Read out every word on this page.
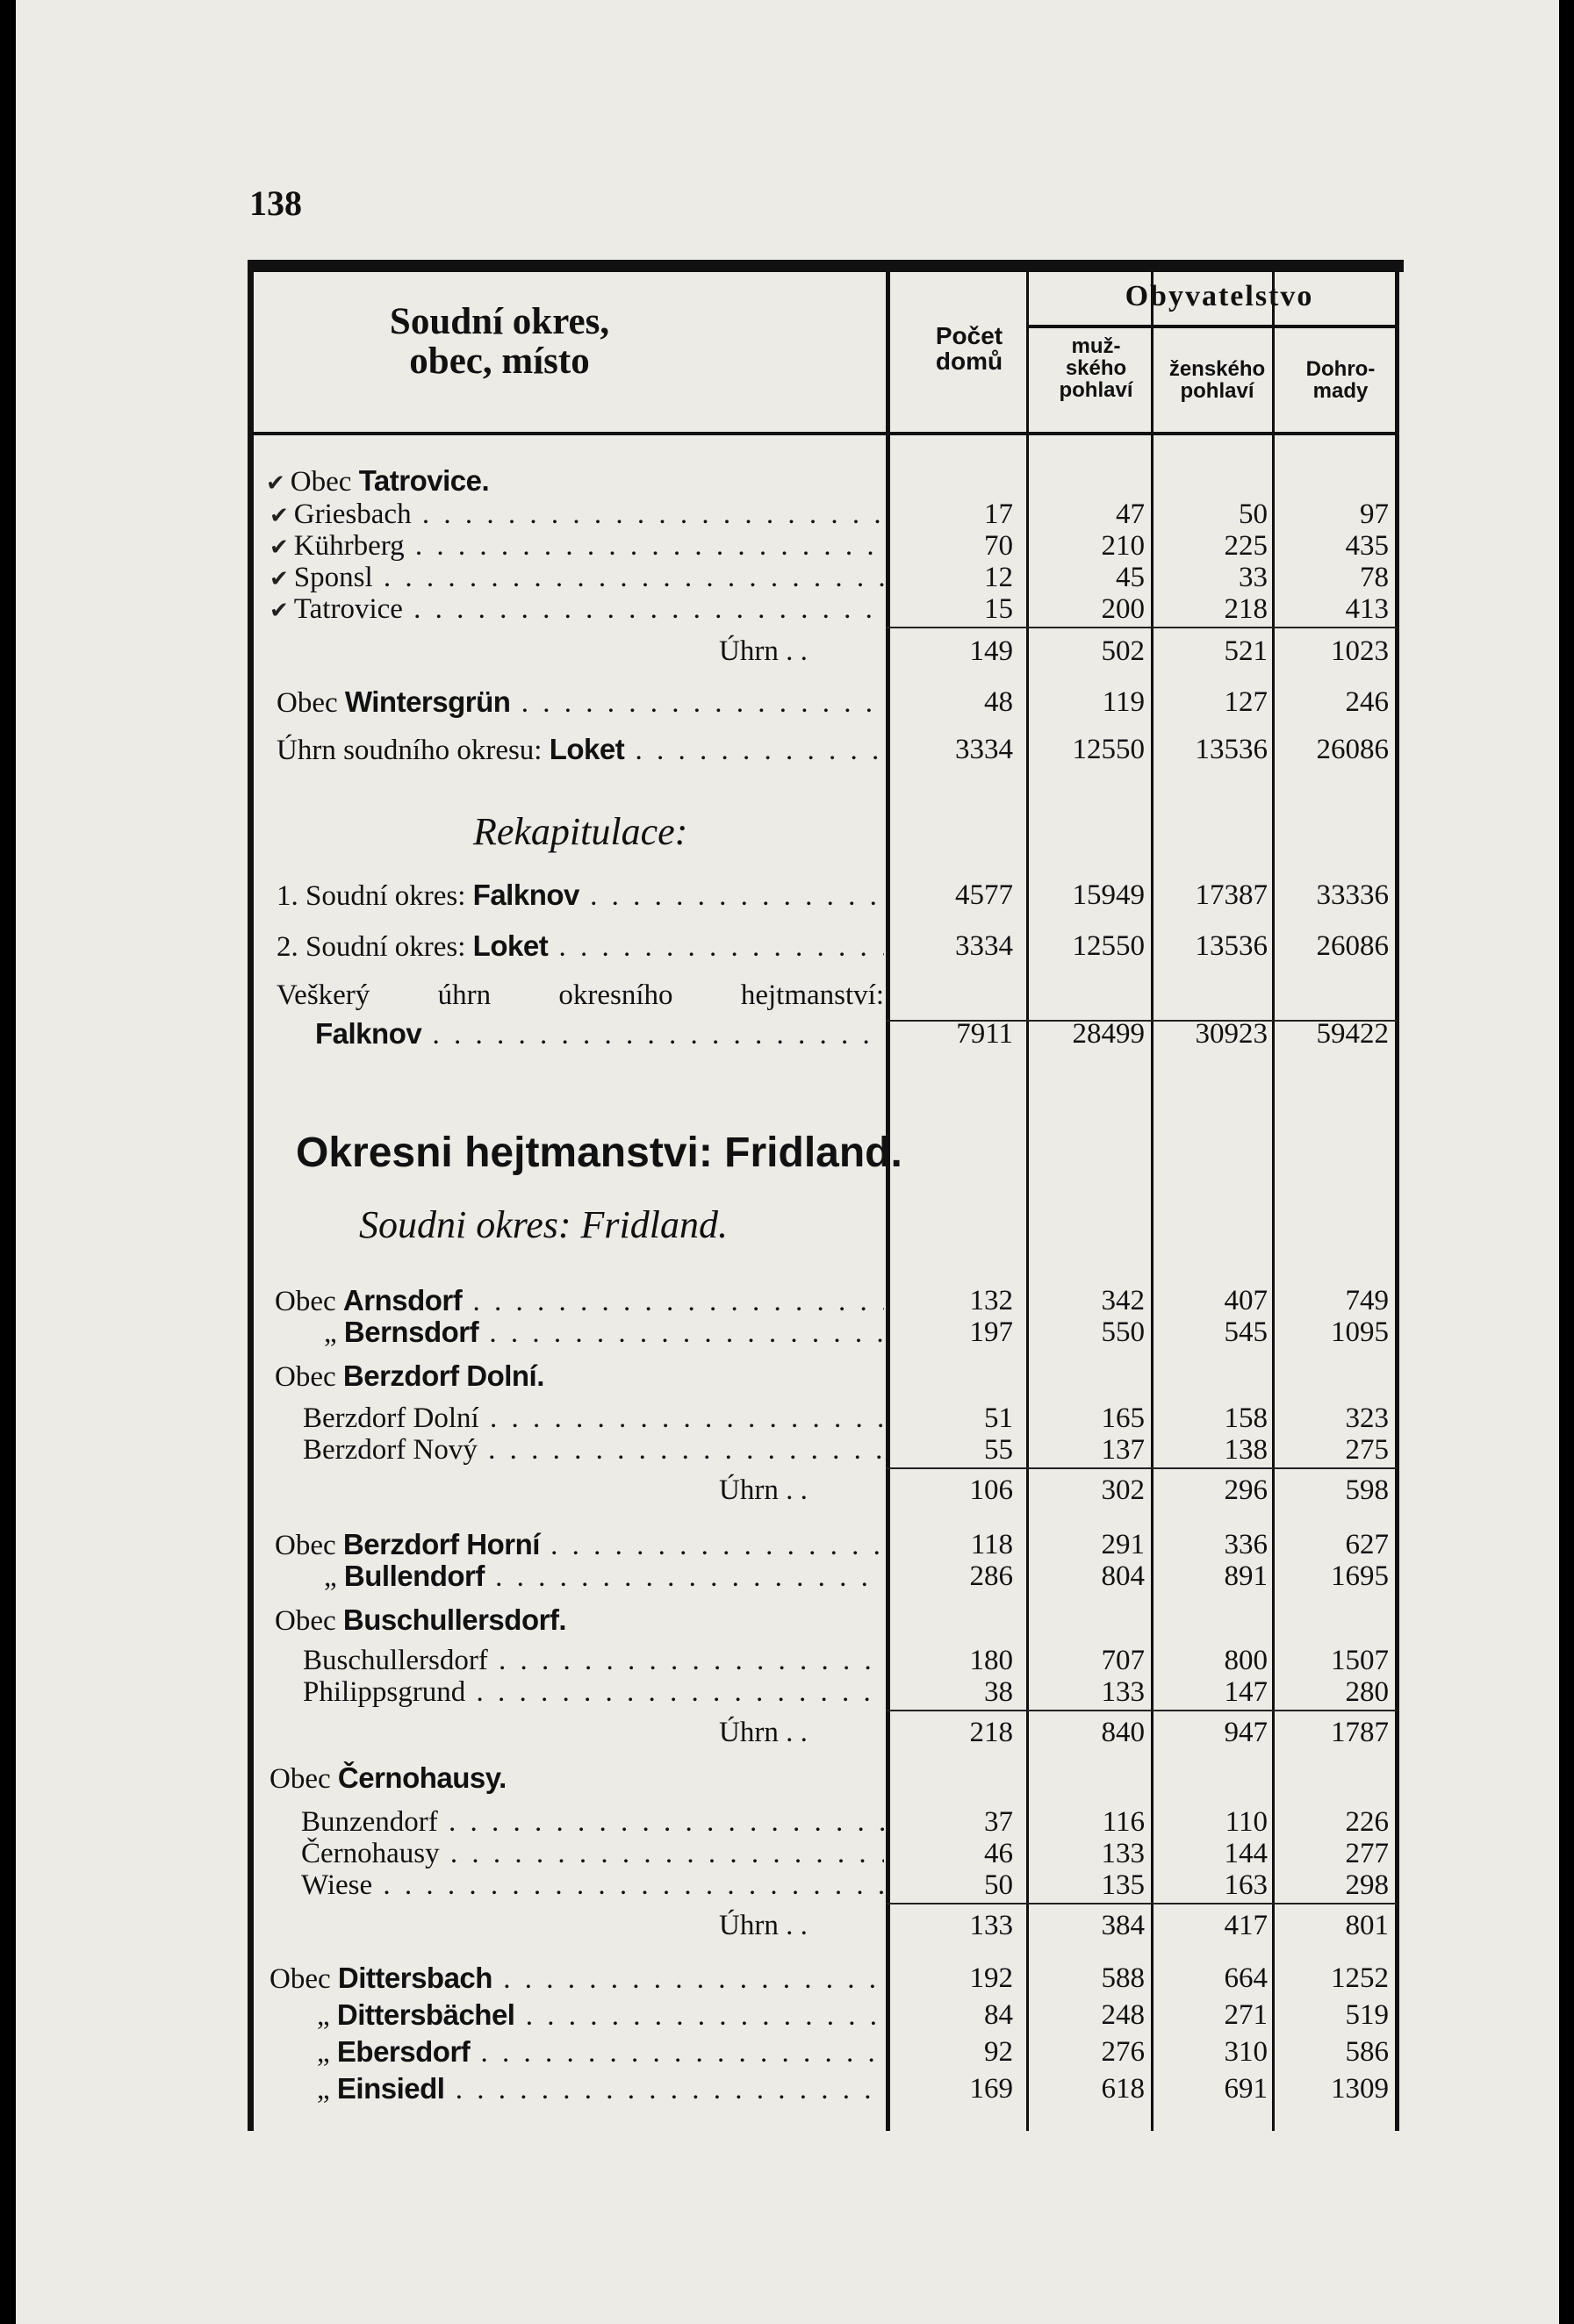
138
Soudní okres,
obec, místo
Počet
domů
Obyvatelstvo
muž-
ského
pohlaví
ženského
pohlaví
Dohro-
mady
✔ Obec Tatrovice.
✔ Griesbach . . .	17	47	50	97
✔ Kührberg . . .	70	210	225	435
✔ Sponsl . . .	12	45	33	78
✔ Tatrovice . . .	15	200	218	413
Úhrn . .	149	502	521	1023
Obec Wintersgrün . . .	48	119	127	246
Úhrn soudního okresu: Loket . . .	3334	12550	13536	26086
Rekapitulace:
1. Soudní okres: Falknov . . .	4577	15949	17387	33336
2. Soudní okres: Loket . . .	3334	12550	13536	26086
Veškerý úhrn okresního hejtmanství:
Falknov . . .	7911	28499	30923	59422
Okresni hejtmanstvi: Fridland.
Soudni okres: Fridland.
Obec Arnsdorf . . .	132	342	407	749
„ Bernsdorf . . .	197	550	545	1095
Obec Berzdorf Dolní.
Berzdorf Dolní . . .	51	165	158	323
Berzdorf Nový . . .	55	137	138	275
Úhrn . .	106	302	296	598
Obec Berzdorf Horní . . .	118	291	336	627
„ Bullendorf . . .	286	804	891	1695
Obec Buschullersdorf.
Buschullersdorf . . .	180	707	800	1507
Philippsgrund . . .	38	133	147	280
Úhrn . .	218	840	947	1787
Obec Černohausy.
Bunzendorf . . .	37	116	110	226
Černohausy . . .	46	133	144	277
Wiese . . .	50	135	163	298
Úhrn . .	133	384	417	801
Obec Dittersbach . . .	192	588	664	1252
„ Dittersbächel . . .	84	248	271	519
„ Ebersdorf . . .	92	276	310	586
„ Einsiedl . . .	169	618	691	1309
